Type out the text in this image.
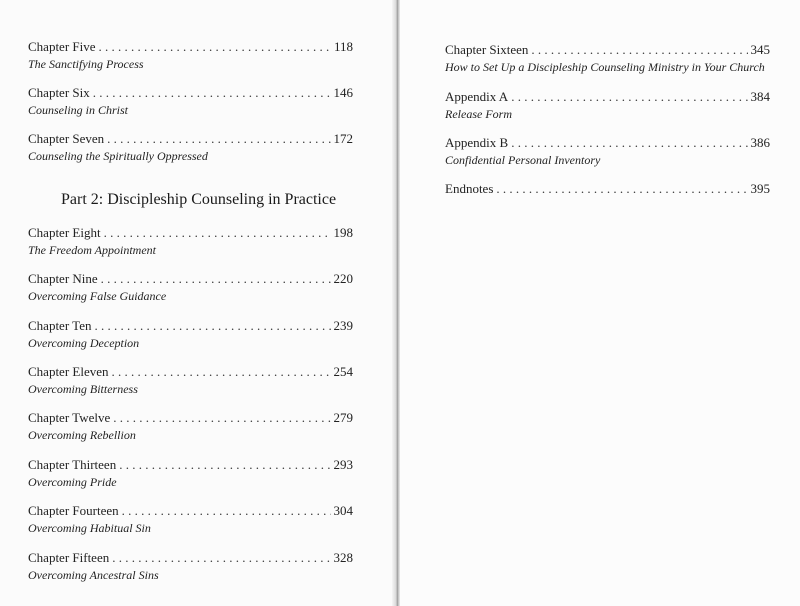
Chapter Five . . .	118
The Sanctifying Process
Chapter Six . . .	146
Counseling in Christ
Chapter Seven . . .	172
Counseling the Spiritually Oppressed
Part 2: Discipleship Counseling in Practice
Chapter Eight . . .	198
The Freedom Appointment
Chapter Nine . . .	220
Overcoming False Guidance
Chapter Ten . . .	239
Overcoming Deception
Chapter Eleven . . .	254
Overcoming Bitterness
Chapter Twelve . . .	279
Overcoming Rebellion
Chapter Thirteen . . .	293
Overcoming Pride
Chapter Fourteen . . .	304
Overcoming Habitual Sin
Chapter Fifteen . . .	328
Overcoming Ancestral Sins
Chapter Sixteen . . .	345
How to Set Up a Discipleship Counseling Ministry in Your Church
Appendix A . . .	384
Release Form
Appendix B . . .	386
Confidential Personal Inventory
Endnotes . . .	395
